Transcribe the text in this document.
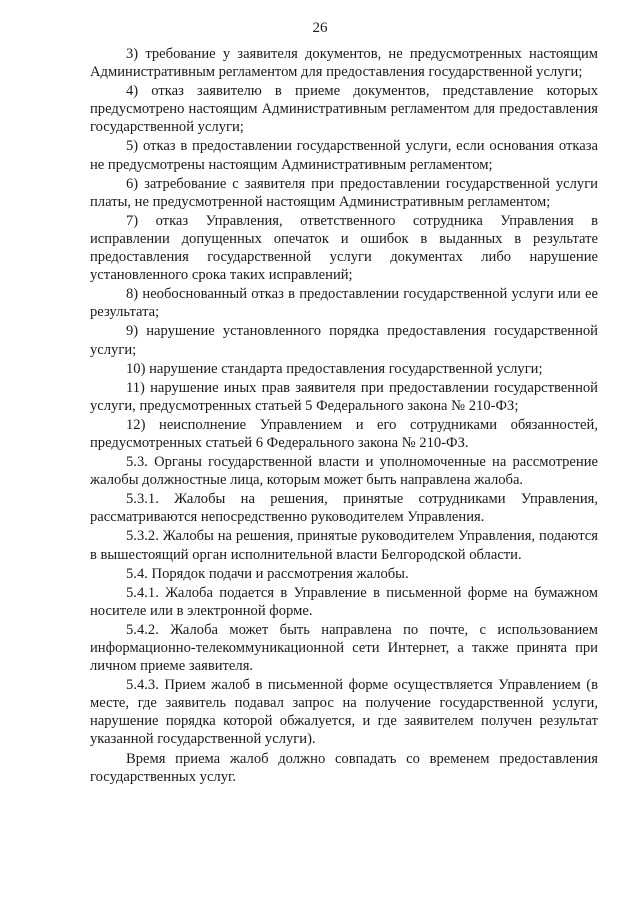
26

3) требование у заявителя документов, не предусмотренных настоящим Административным регламентом для предоставления государственной услуги;

4) отказ заявителю в приеме документов, представление которых предусмотрено настоящим Административным регламентом для предоставления государственной услуги;

5) отказ в предоставлении государственной услуги, если основания отказа не предусмотрены настоящим Административным регламентом;

6) затребование с заявителя при предоставлении государственной услуги платы, не предусмотренной настоящим Административным регламентом;

7) отказ Управления, ответственного сотрудника Управления в исправлении допущенных опечаток и ошибок в выданных в результате предоставления государственной услуги документах либо нарушение установленного срока таких исправлений;

8) необоснованный отказ в предоставлении государственной услуги или ее результата;

9) нарушение установленного порядка предоставления государственной услуги;

10) нарушение стандарта предоставления государственной услуги;

11) нарушение иных прав заявителя при предоставлении государственной услуги, предусмотренных статьей 5 Федерального закона № 210-ФЗ;

12) неисполнение Управлением и его сотрудниками обязанностей, предусмотренных статьей 6 Федерального закона № 210-ФЗ.

5.3. Органы государственной власти и уполномоченные на рассмотрение жалобы должностные лица, которым может быть направлена жалоба.

5.3.1. Жалобы на решения, принятые сотрудниками Управления, рассматриваются непосредственно руководителем Управления.

5.3.2. Жалобы на решения, принятые руководителем Управления, подаются в вышестоящий орган исполнительной власти Белгородской области.

5.4. Порядок подачи и рассмотрения жалобы.

5.4.1. Жалоба подается в Управление в письменной форме на бумажном носителе или в электронной форме.

5.4.2. Жалоба может быть направлена по почте, с использованием информационно-телекоммуникационной сети Интернет, а также принята при личном приеме заявителя.

5.4.3. Прием жалоб в письменной форме осуществляется Управлением (в месте, где заявитель подавал запрос на получение государственной услуги, нарушение порядка которой обжалуется, и где заявителем получен результат указанной государственной услуги).

Время приема жалоб должно совпадать со временем предоставления государственных услуг.
